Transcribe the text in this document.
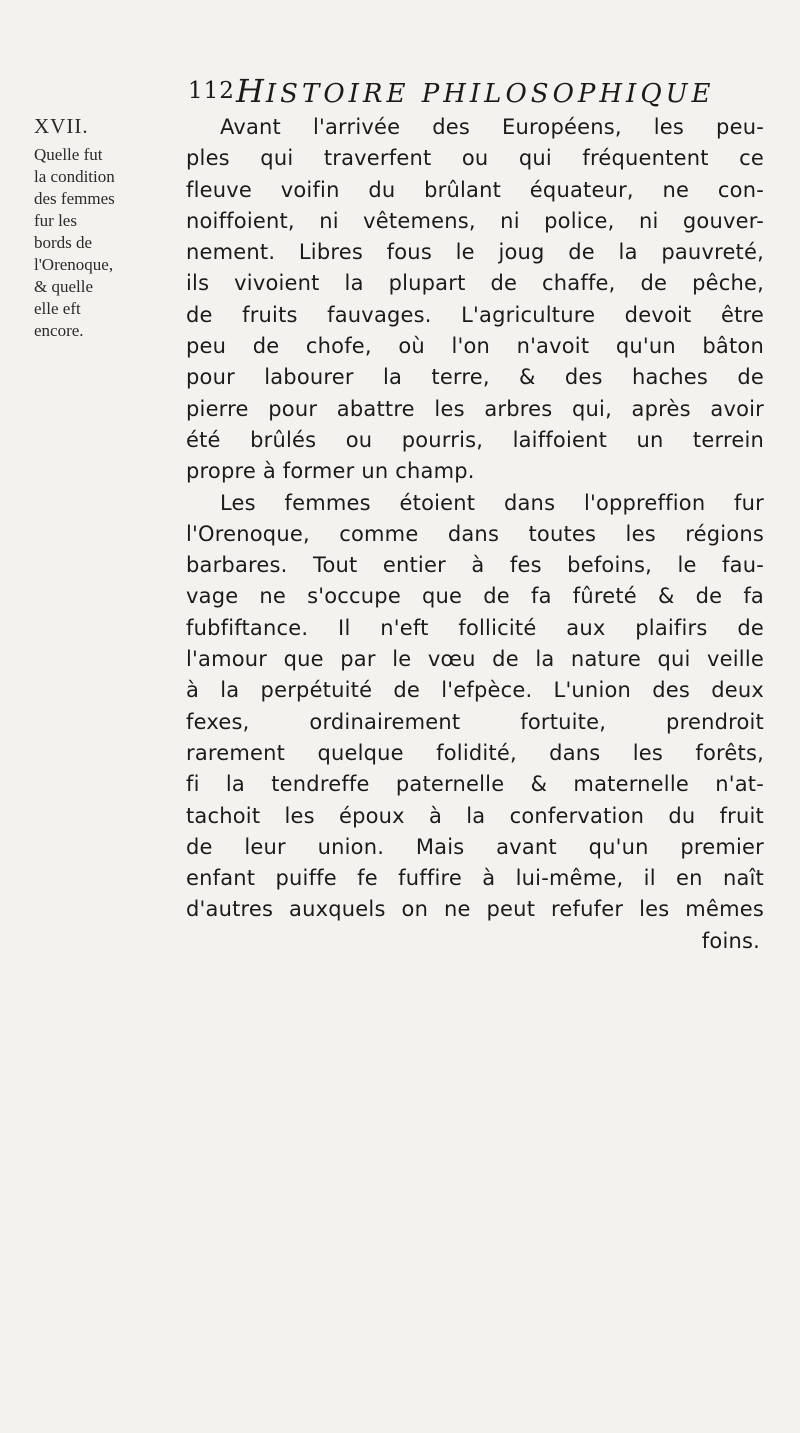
112 HISTOIRE PHILOSOPHIQUE
XVII.
Quelle fut
la condition
des femmes
fur les
bords de
l'Orenoque,
& quelle
elle eft
encore.
Avant l'arrivée des Européens, les peu-
ples qui traverfent ou qui fréquentent ce
fleuve voifin du brûlant équateur, ne con-
noiffoient, ni vêtemens, ni police, ni gouver-
nement. Libres fous le joug de la pauvreté,
ils vivoient la plupart de chaffe, de pêche,
de fruits fauvages. L'agriculture devoit être
peu de chofe, où l'on n'avoit qu'un bâton
pour labourer la terre, & des haches de
pierre pour abattre les arbres qui, après avoir
été brûlés ou pourris, laiffoient un terrein
propre à former un champ.
Les femmes étoient dans l'oppreffion fur
l'Orenoque, comme dans toutes les régions
barbares. Tout entier à fes befoins, le fau-
vage ne s'occupe que de fa fûreté & de fa
fubfiftance. Il n'eft follicité aux plaifirs de
l'amour que par le vœu de la nature qui veille
à la perpétuité de l'efpèce. L'union des deux
fexes, ordinairement fortuite, prendroit
rarement quelque folidité, dans les forêts,
fi la tendreffe paternelle & maternelle n'at-
tachoit les époux à la confervation du fruit
de leur union. Mais avant qu'un premier
enfant puiffe fe fuffire à lui-même, il en naît
d'autres auxquels on ne peut refufer les mêmes
foins.
